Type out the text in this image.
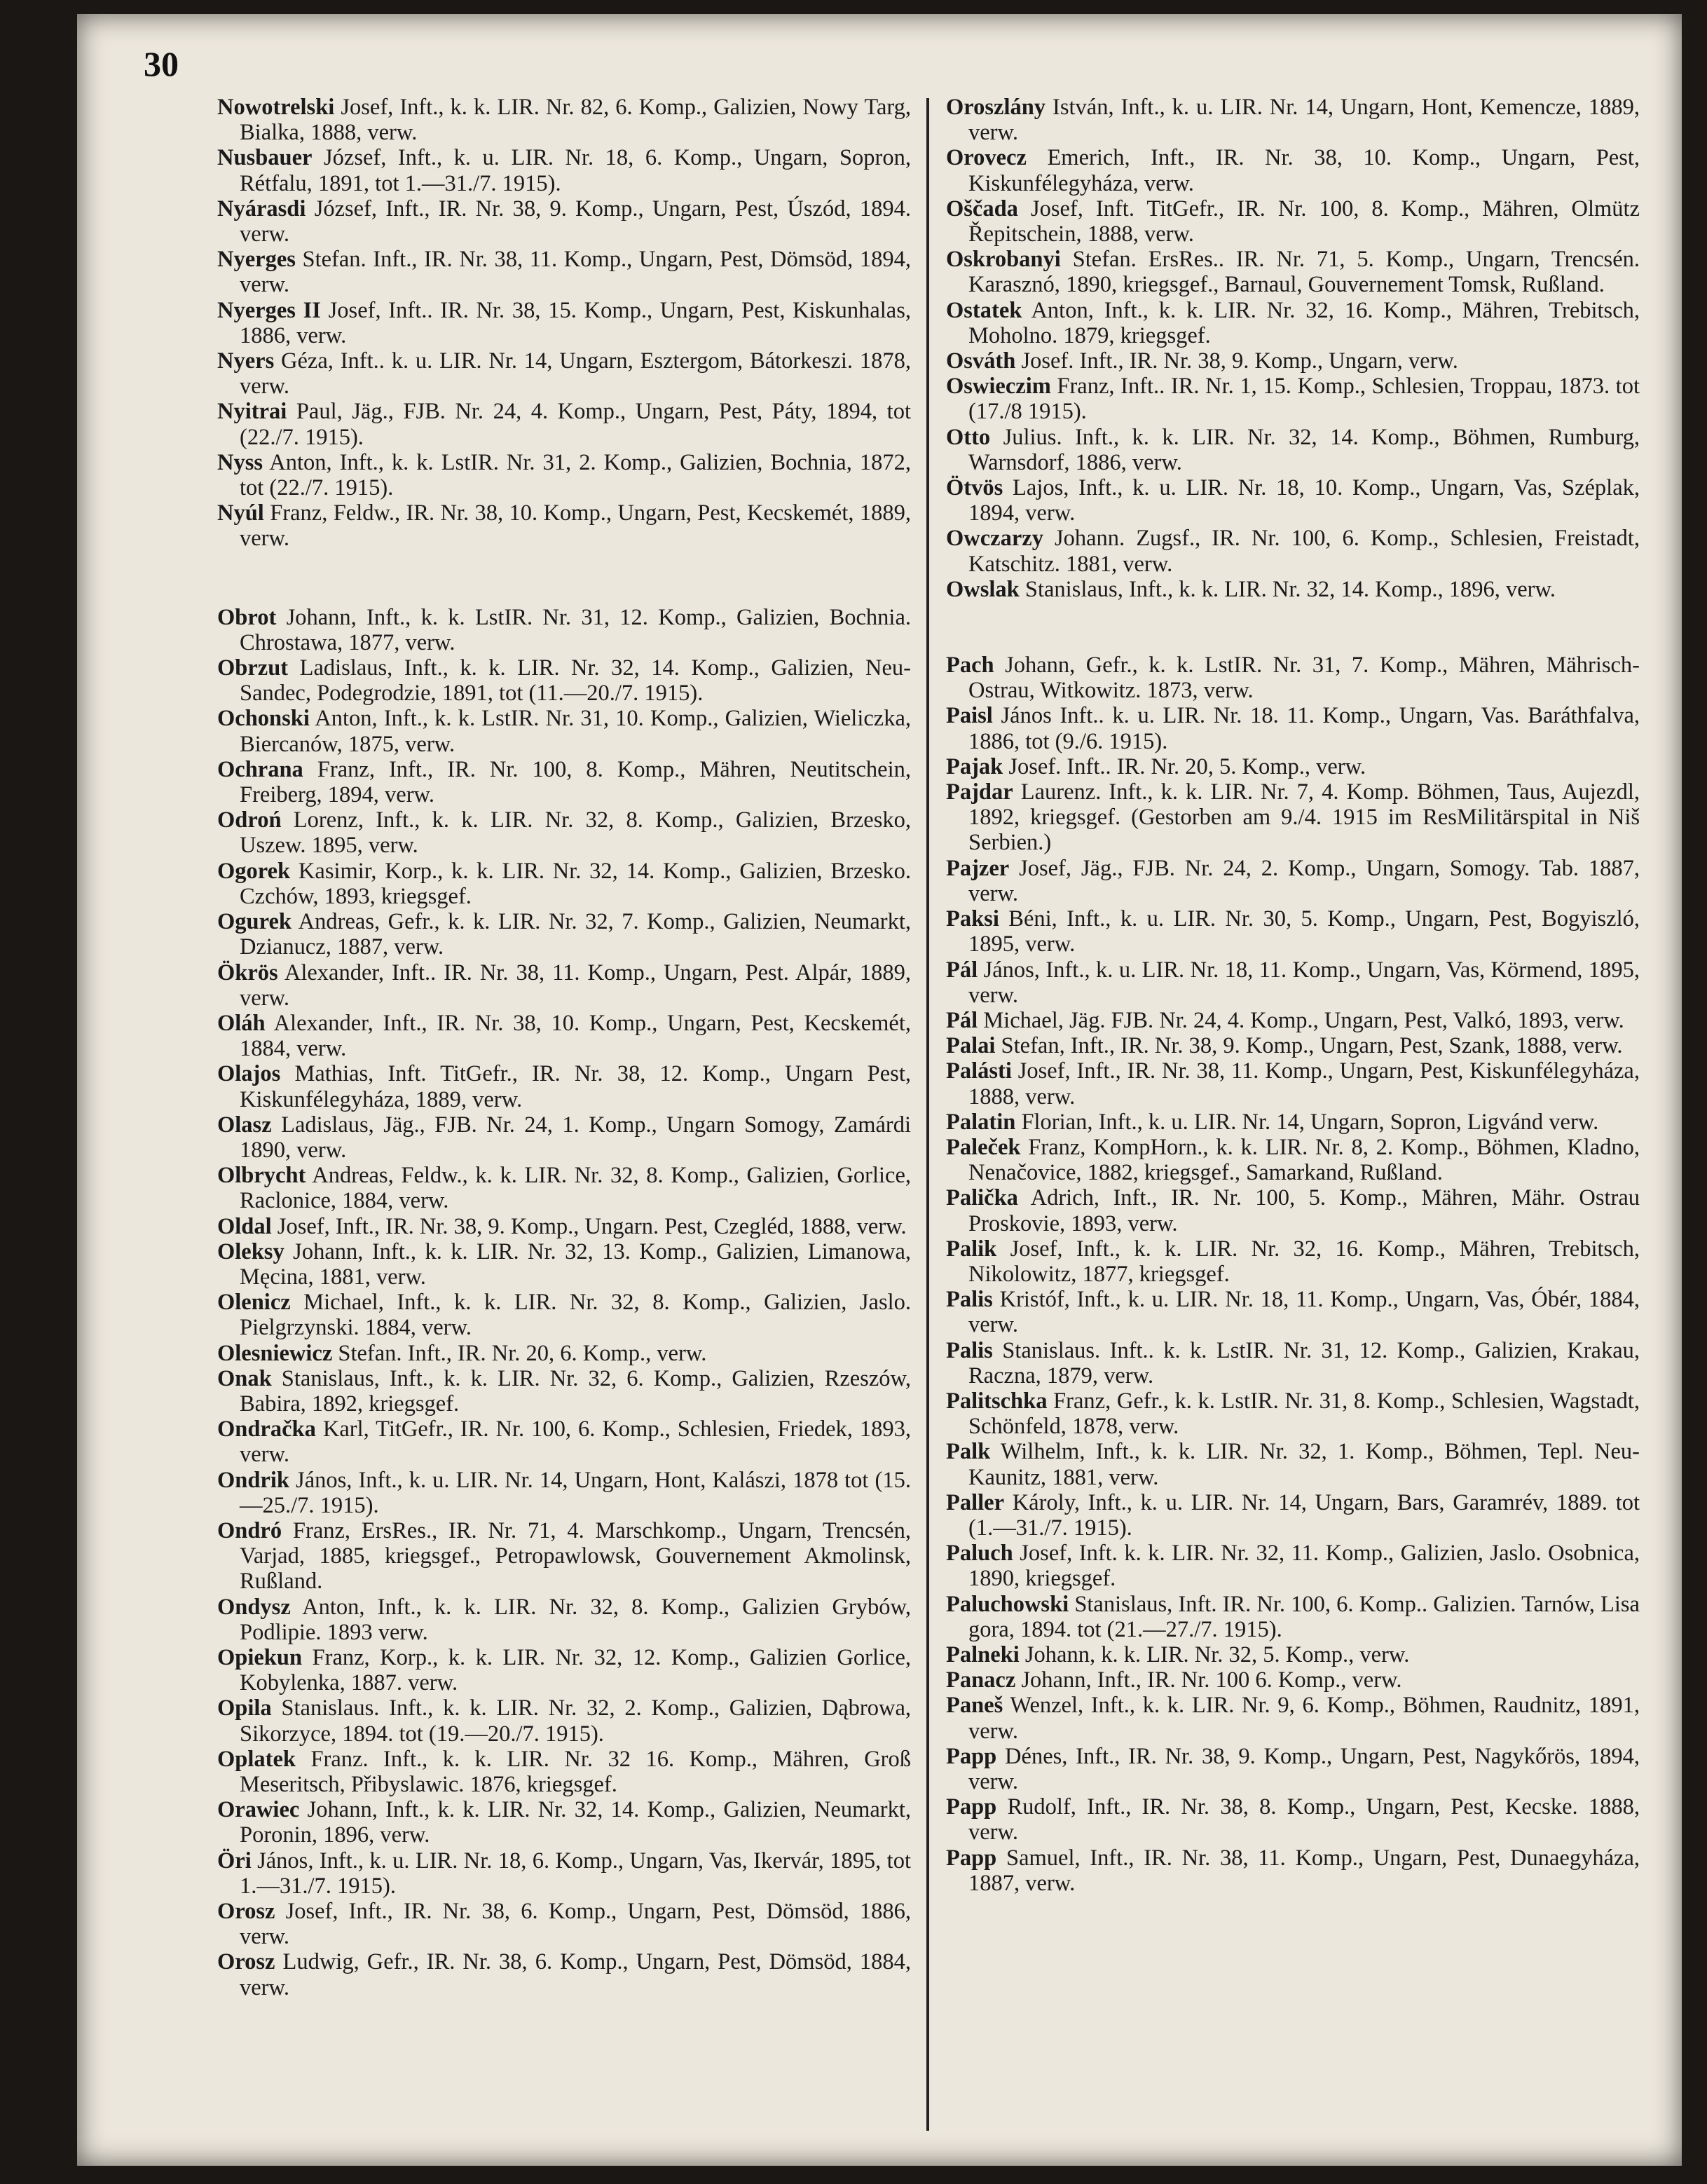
30
Nowotrelski Josef, Inft., k. k. LIR. Nr. 82, 6. Komp., Galizien, Nowy Targ, Bialka, 1888, verw.
Nusbauer József, Inft., k. u. LIR. Nr. 18, 6. Komp., Ungarn, Sopron, Rétfalu, 1891, tot 1.—31./7. 1915).
Nyárasdi József, Inft., IR. Nr. 38, 9. Komp., Ungarn, Pest, Úszód, 1894. verw.
Nyerges Stefan. Inft., IR. Nr. 38, 11. Komp., Ungarn, Pest, Dömsöd, 1894, verw.
Nyerges II Josef, Inft.. IR. Nr. 38, 15. Komp., Ungarn, Pest, Kiskunhalas, 1886, verw.
Nyers Géza, Inft.. k. u. LIR. Nr. 14, Ungarn, Esztergom, Bátorkeszi. 1878, verw.
Nyitrai Paul, Jäg., FJB. Nr. 24, 4. Komp., Ungarn, Pest, Páty, 1894, tot (22./7. 1915).
Nyss Anton, Inft., k. k. LstIR. Nr. 31, 2. Komp., Galizien, Bochnia, 1872, tot (22./7. 1915).
Nyúl Franz, Feldw., IR. Nr. 38, 10. Komp., Ungarn, Pest, Kecskemét, 1889, verw.
Obrot Johann, Inft., k. k. LstIR. Nr. 31, 12. Komp., Galizien, Bochnia. Chrostawa, 1877, verw.
Obrzut Ladislaus, Inft., k. k. LIR. Nr. 32, 14. Komp., Galizien, Neu-Sandec, Podegrodzie, 1891, tot (11.—20./7. 1915).
Ochonski Anton, Inft., k. k. LstIR. Nr. 31, 10. Komp., Galizien, Wieliczka, Biercanów, 1875, verw.
Ochrana Franz, Inft., IR. Nr. 100, 8. Komp., Mähren, Neutitschein, Freiberg, 1894, verw.
Odroń Lorenz, Inft., k. k. LIR. Nr. 32, 8. Komp., Galizien, Brzesko, Uszew. 1895, verw.
Ogorek Kasimir, Korp., k. k. LIR. Nr. 32, 14. Komp., Galizien, Brzesko. Czchów, 1893, kriegsgef.
Ogurek Andreas, Gefr., k. k. LIR. Nr. 32, 7. Komp., Galizien, Neumarkt, Dzianucz, 1887, verw.
Ökrös Alexander, Inft.. IR. Nr. 38, 11. Komp., Ungarn, Pest. Alpár, 1889, verw.
Oláh Alexander, Inft., IR. Nr. 38, 10. Komp., Ungarn, Pest, Kecskemét, 1884, verw.
Olajos Mathias, Inft. TitGefr., IR. Nr. 38, 12. Komp., Ungarn Pest, Kiskunfélegyháza, 1889, verw.
Olasz Ladislaus, Jäg., FJB. Nr. 24, 1. Komp., Ungarn Somogy, Zamárdi 1890, verw.
Olbrycht Andreas, Feldw., k. k. LIR. Nr. 32, 8. Komp., Galizien, Gorlice, Raclonice, 1884, verw.
Oldal Josef, Inft., IR. Nr. 38, 9. Komp., Ungarn. Pest, Czegléd, 1888, verw.
Oleksy Johann, Inft., k. k. LIR. Nr. 32, 13. Komp., Galizien, Limanowa, Męcina, 1881, verw.
Olenicz Michael, Inft., k. k. LIR. Nr. 32, 8. Komp., Galizien, Jaslo. Pielgrzynski. 1884, verw.
Olesniewicz Stefan. Inft., IR. Nr. 20, 6. Komp., verw.
Onak Stanislaus, Inft., k. k. LIR. Nr. 32, 6. Komp., Galizien, Rzeszów, Babira, 1892, kriegsgef.
Ondračka Karl, TitGefr., IR. Nr. 100, 6. Komp., Schlesien, Friedek, 1893, verw.
Ondrik János, Inft., k. u. LIR. Nr. 14, Ungarn, Hont, Kalászi, 1878 tot (15.—25./7. 1915).
Ondró Franz, ErsRes., IR. Nr. 71, 4. Marschkomp., Ungarn, Trencsén, Varjad, 1885, kriegsgef., Petropawlowsk, Gouvernement Akmolinsk, Rußland.
Ondysz Anton, Inft., k. k. LIR. Nr. 32, 8. Komp., Galizien Grybów, Podlipie. 1893 verw.
Opiekun Franz, Korp., k. k. LIR. Nr. 32, 12. Komp., Galizien Gorlice, Kobylenka, 1887. verw.
Opila Stanislaus. Inft., k. k. LIR. Nr. 32, 2. Komp., Galizien, Dąbrowa, Sikorzyce, 1894. tot (19.—20./7. 1915).
Oplatek Franz. Inft., k. k. LIR. Nr. 32 16. Komp., Mähren, Groß Meseritsch, Přibyslawic. 1876, kriegsgef.
Orawiec Johann, Inft., k. k. LIR. Nr. 32, 14. Komp., Galizien, Neumarkt, Poronin, 1896, verw.
Öri János, Inft., k. u. LIR. Nr. 18, 6. Komp., Ungarn, Vas, Ikervár, 1895, tot 1.—31./7. 1915).
Orosz Josef, Inft., IR. Nr. 38, 6. Komp., Ungarn, Pest, Dömsöd, 1886, verw.
Orosz Ludwig, Gefr., IR. Nr. 38, 6. Komp., Ungarn, Pest, Dömsöd, 1884, verw.
Oroszlány István, Inft., k. u. LIR. Nr. 14, Ungarn, Hont, Kemencze, 1889, verw.
Orovecz Emerich, Inft., IR. Nr. 38, 10. Komp., Ungarn, Pest, Kiskunfélegyháza, verw.
Oščada Josef, Inft. TitGefr., IR. Nr. 100, 8. Komp., Mähren, Olmütz Řepitschein, 1888, verw.
Oskrobanyi Stefan. ErsRes.. IR. Nr. 71, 5. Komp., Ungarn, Trencsén. Karasznó, 1890, kriegsgef., Barnaul, Gouvernement Tomsk, Rußland.
Ostatek Anton, Inft., k. k. LIR. Nr. 32, 16. Komp., Mähren, Trebitsch, Moholno. 1879, kriegsgef.
Osváth Josef. Inft., IR. Nr. 38, 9. Komp., Ungarn, verw.
Oswieczim Franz, Inft.. IR. Nr. 1, 15. Komp., Schlesien, Troppau, 1873. tot (17./8 1915).
Otto Julius. Inft., k. k. LIR. Nr. 32, 14. Komp., Böhmen, Rumburg, Warnsdorf, 1886, verw.
Ötvös Lajos, Inft., k. u. LIR. Nr. 18, 10. Komp., Ungarn, Vas, Széplak, 1894, verw.
Owczarzy Johann. Zugsf., IR. Nr. 100, 6. Komp., Schlesien, Freistadt, Katschitz. 1881, verw.
Owslak Stanislaus, Inft., k. k. LIR. Nr. 32, 14. Komp., 1896, verw.
Pach Johann, Gefr., k. k. LstIR. Nr. 31, 7. Komp., Mähren, Mährisch-Ostrau, Witkowitz. 1873, verw.
Paisl János Inft.. k. u. LIR. Nr. 18. 11. Komp., Ungarn, Vas. Baráthfalva, 1886, tot (9./6. 1915).
Pajak Josef. Inft.. IR. Nr. 20, 5. Komp., verw.
Pajdar Laurenz. Inft., k. k. LIR. Nr. 7, 4. Komp. Böhmen, Taus, Aujezdl, 1892, kriegsgef. (Gestorben am 9./4. 1915 im ResMilitärspital in Niš Serbien.)
Pajzer Josef, Jäg., FJB. Nr. 24, 2. Komp., Ungarn, Somogy. Tab. 1887, verw.
Paksi Béni, Inft., k. u. LIR. Nr. 30, 5. Komp., Ungarn, Pest, Bogyiszló, 1895, verw.
Pál János, Inft., k. u. LIR. Nr. 18, 11. Komp., Ungarn, Vas, Körmend, 1895, verw.
Pál Michael, Jäg. FJB. Nr. 24, 4. Komp., Ungarn, Pest, Valkó, 1893, verw.
Palai Stefan, Inft., IR. Nr. 38, 9. Komp., Ungarn, Pest, Szank, 1888, verw.
Palásti Josef, Inft., IR. Nr. 38, 11. Komp., Ungarn, Pest, Kiskunfélegyháza, 1888, verw.
Palatin Florian, Inft., k. u. LIR. Nr. 14, Ungarn, Sopron, Ligvánd verw.
Paleček Franz, KompHorn., k. k. LIR. Nr. 8, 2. Komp., Böhmen, Kladno, Nenačovice, 1882, kriegsgef., Samarkand, Rußland.
Palička Adrich, Inft., IR. Nr. 100, 5. Komp., Mähren, Mähr. Ostrau Proskovie, 1893, verw.
Palik Josef, Inft., k. k. LIR. Nr. 32, 16. Komp., Mähren, Trebitsch, Nikolowitz, 1877, kriegsgef.
Palis Kristóf, Inft., k. u. LIR. Nr. 18, 11. Komp., Ungarn, Vas, Óbér, 1884, verw.
Palis Stanislaus. Inft.. k. k. LstIR. Nr. 31, 12. Komp., Galizien, Krakau, Raczna, 1879, verw.
Palitschka Franz, Gefr., k. k. LstIR. Nr. 31, 8. Komp., Schlesien, Wagstadt, Schönfeld, 1878, verw.
Palk Wilhelm, Inft., k. k. LIR. Nr. 32, 1. Komp., Böhmen, Tepl. Neu-Kaunitz, 1881, verw.
Paller Károly, Inft., k. u. LIR. Nr. 14, Ungarn, Bars, Garamrév, 1889. tot (1.—31./7. 1915).
Paluch Josef, Inft. k. k. LIR. Nr. 32, 11. Komp., Galizien, Jaslo. Osobnica, 1890, kriegsgef.
Paluchowski Stanislaus, Inft. IR. Nr. 100, 6. Komp.. Galizien. Tarnów, Lisa gora, 1894. tot (21.—27./7. 1915).
Palneki Johann, k. k. LIR. Nr. 32, 5. Komp., verw.
Panacz Johann, Inft., IR. Nr. 100 6. Komp., verw.
Paneš Wenzel, Inft., k. k. LIR. Nr. 9, 6. Komp., Böhmen, Raudnitz, 1891, verw.
Papp Dénes, Inft., IR. Nr. 38, 9. Komp., Ungarn, Pest, Nagykőrös, 1894, verw.
Papp Rudolf, Inft., IR. Nr. 38, 8. Komp., Ungarn, Pest, Kecske. 1888, verw.
Papp Samuel, Inft., IR. Nr. 38, 11. Komp., Ungarn, Pest, Dunaegyháza, 1887, verw.
